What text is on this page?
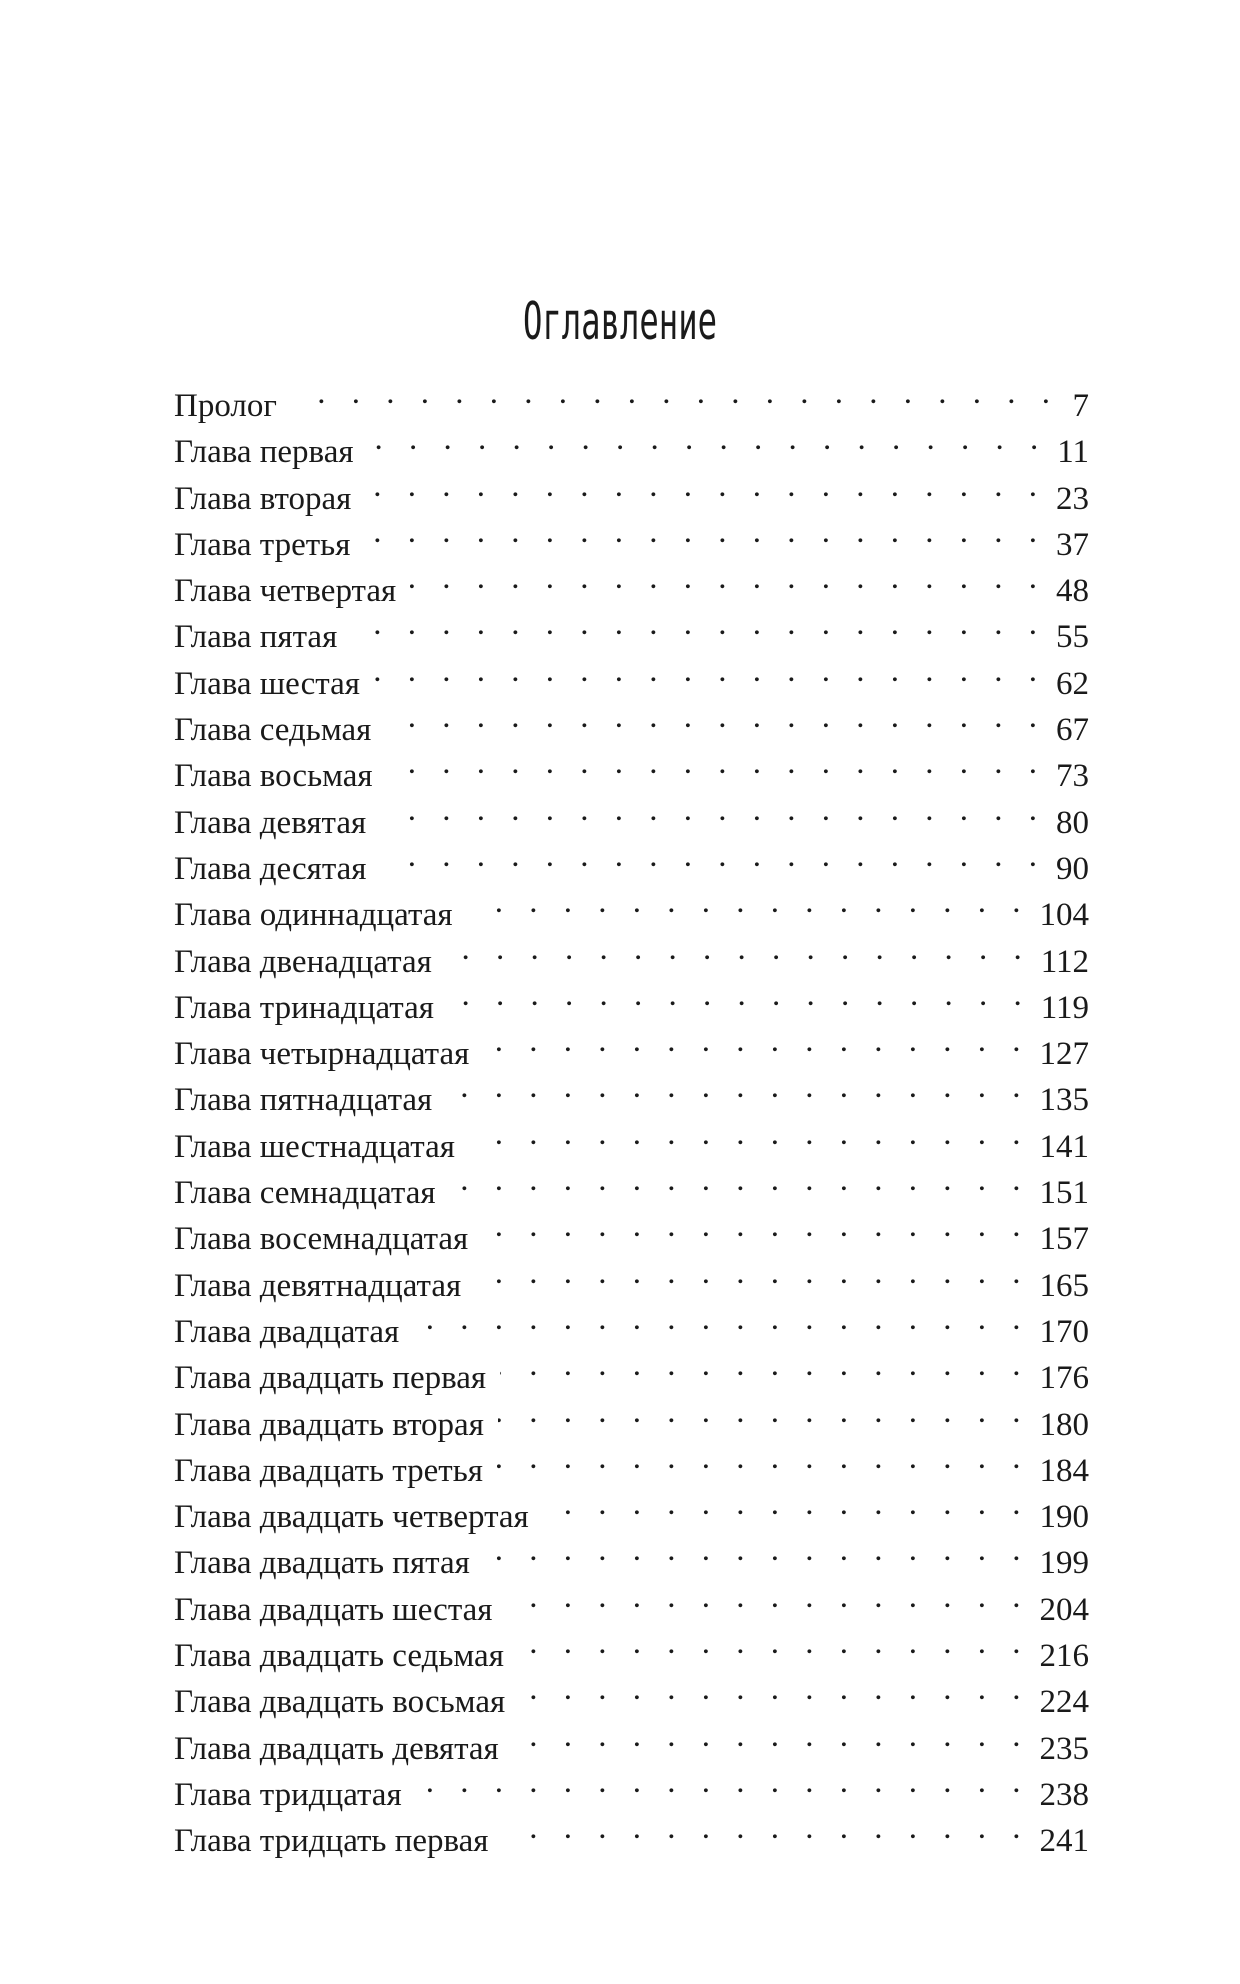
Оглавление
Пролог . . .	7
Глава первая . . .	11
Глава вторая . . .	23
Глава третья . . .	37
Глава четвертая . . .	48
Глава пятая . . .	55
Глава шестая . . .	62
Глава седьмая . . .	67
Глава восьмая . . .	73
Глава девятая . . .	80
Глава десятая . . .	90
Глава одиннадцатая . . .	104
Глава двенадцатая . . .	112
Глава тринадцатая . . .	119
Глава четырнадцатая . . .	127
Глава пятнадцатая . . .	135
Глава шестнадцатая . . .	141
Глава семнадцатая . . .	151
Глава восемнадцатая . . .	157
Глава девятнадцатая . . .	165
Глава двадцатая . . .	170
Глава двадцать первая . . .	176
Глава двадцать вторая . . .	180
Глава двадцать третья . . .	184
Глава двадцать четвертая . . .	190
Глава двадцать пятая . . .	199
Глава двадцать шестая . . .	204
Глава двадцать седьмая . . .	216
Глава двадцать восьмая . . .	224
Глава двадцать девятая . . .	235
Глава тридцатая . . .	238
Глава тридцать первая . . .	241
